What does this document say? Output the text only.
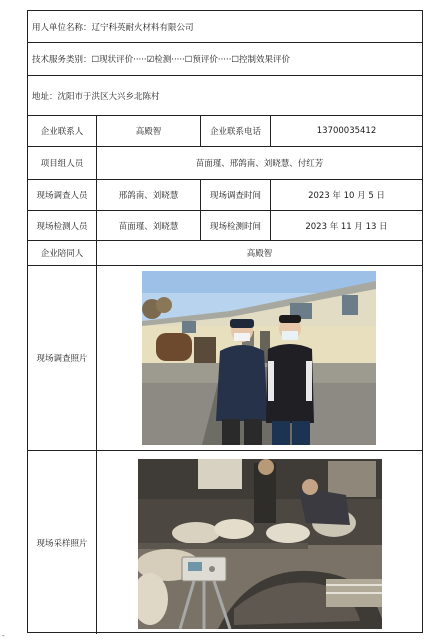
用人单位名称：辽宁科英耐火材料有限公司
技术服务类别：☐现状评价·····☑检测·····☐预评价·····☐控制效果评价
地址：沈阳市于洪区大兴乡北陈村
企业联系人	高殿智	企业联系电话	13700035412
项目组人员	苗面瑾、邢鸽南、刘晓慧、付红芳
现场调查人员	邢鸽南、刘晓慧	现场调查时间	2023 年 10 月 5 日
现场检测人员	苗面瑾、刘晓慧	现场检测时间	2023 年 11 月 13 日
企业陪同人	高殿智
现场调查照片
现场采样照片
-
